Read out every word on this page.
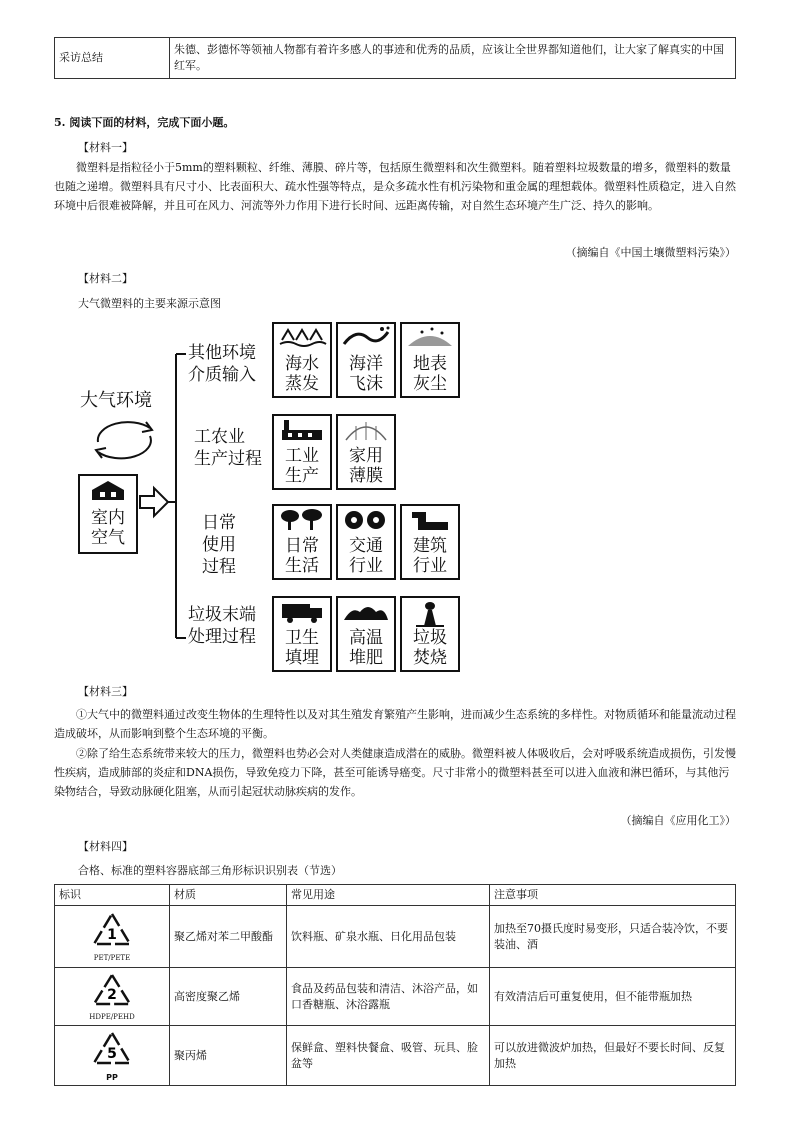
采访总结	朱德、彭德怀等领袖人物都有着许多感人的事迹和优秀的品质，应该让全世界都知道他们，让大家了解真实的中国红军。
5. 阅读下面的材料，完成下面小题。
【材料一】

微塑料是指粒径小于5mm的塑料颗粒、纤维、薄膜、碎片等，包括原生微塑料和次生微塑料。随着塑料垃圾数量的增多，微塑料的数量也随之递增。微塑料具有尺寸小、比表面积大、疏水性强等特点，是众多疏水性有机污染物和重金属的理想载体。微塑料性质稳定，进入自然环境中后很难被降解，并且可在风力、河流等外力作用下进行长时间、远距离传输，对自然生态环境产生广泛、持久的影响。

（摘编自《中国土壤微塑料污染》）
【材料二】
大气微塑料的主要来源示意图
大气环境
室内
空气
其他环境
介质输入
工农业
生产过程
日常
使用
过程
垃圾末端
处理过程
海水
蒸发
海洋
飞沫
地表
灰尘
工业
生产
家用
薄膜
日常
生活
交通
行业
建筑
行业
卫生
填埋
高温
堆肥
垃圾
焚烧
【材料三】

①大气中的微塑料通过改变生物体的生理特性以及对其生殖发育繁殖产生影响，进而减少生态系统的多样性。对物质循环和能量流动过程造成破坏，从而影响到整个生态环境的平衡。

②除了给生态系统带来较大的压力，微塑料也势必会对人类健康造成潜在的威胁。微塑料被人体吸收后，会对呼吸系统造成损伤，引发慢性疾病，造成肺部的炎症和DNA损伤，导致免疫力下降，甚至可能诱导癌变。尺寸非常小的微塑料甚至可以进入血液和淋巴循环，与其他污染物结合，导致动脉硬化阻塞，从而引起冠状动脉疾病的发作。

（摘编自《应用化工》）
【材料四】
合格、标准的塑料容器底部三角形标识识别表（节选）
标识	材质	常见用途	注意事项

1
PET/PETE	聚乙烯对苯二甲酸酯	饮料瓶、矿泉水瓶、日化用品包装	加热至70摄氏度时易变形，只适合装冷饮，不要装油、酒

2
HDPE/PEHD	高密度聚乙烯	食品及药品包装和清洁、沐浴产品，如口香糖瓶、沐浴露瓶	有效清洁后可重复使用，但不能带瓶加热

5
PP	聚丙烯	保鲜盒、塑料快餐盒、吸管、玩具、脸盆等	可以放进微波炉加热，但最好不要长时间、反复加热
